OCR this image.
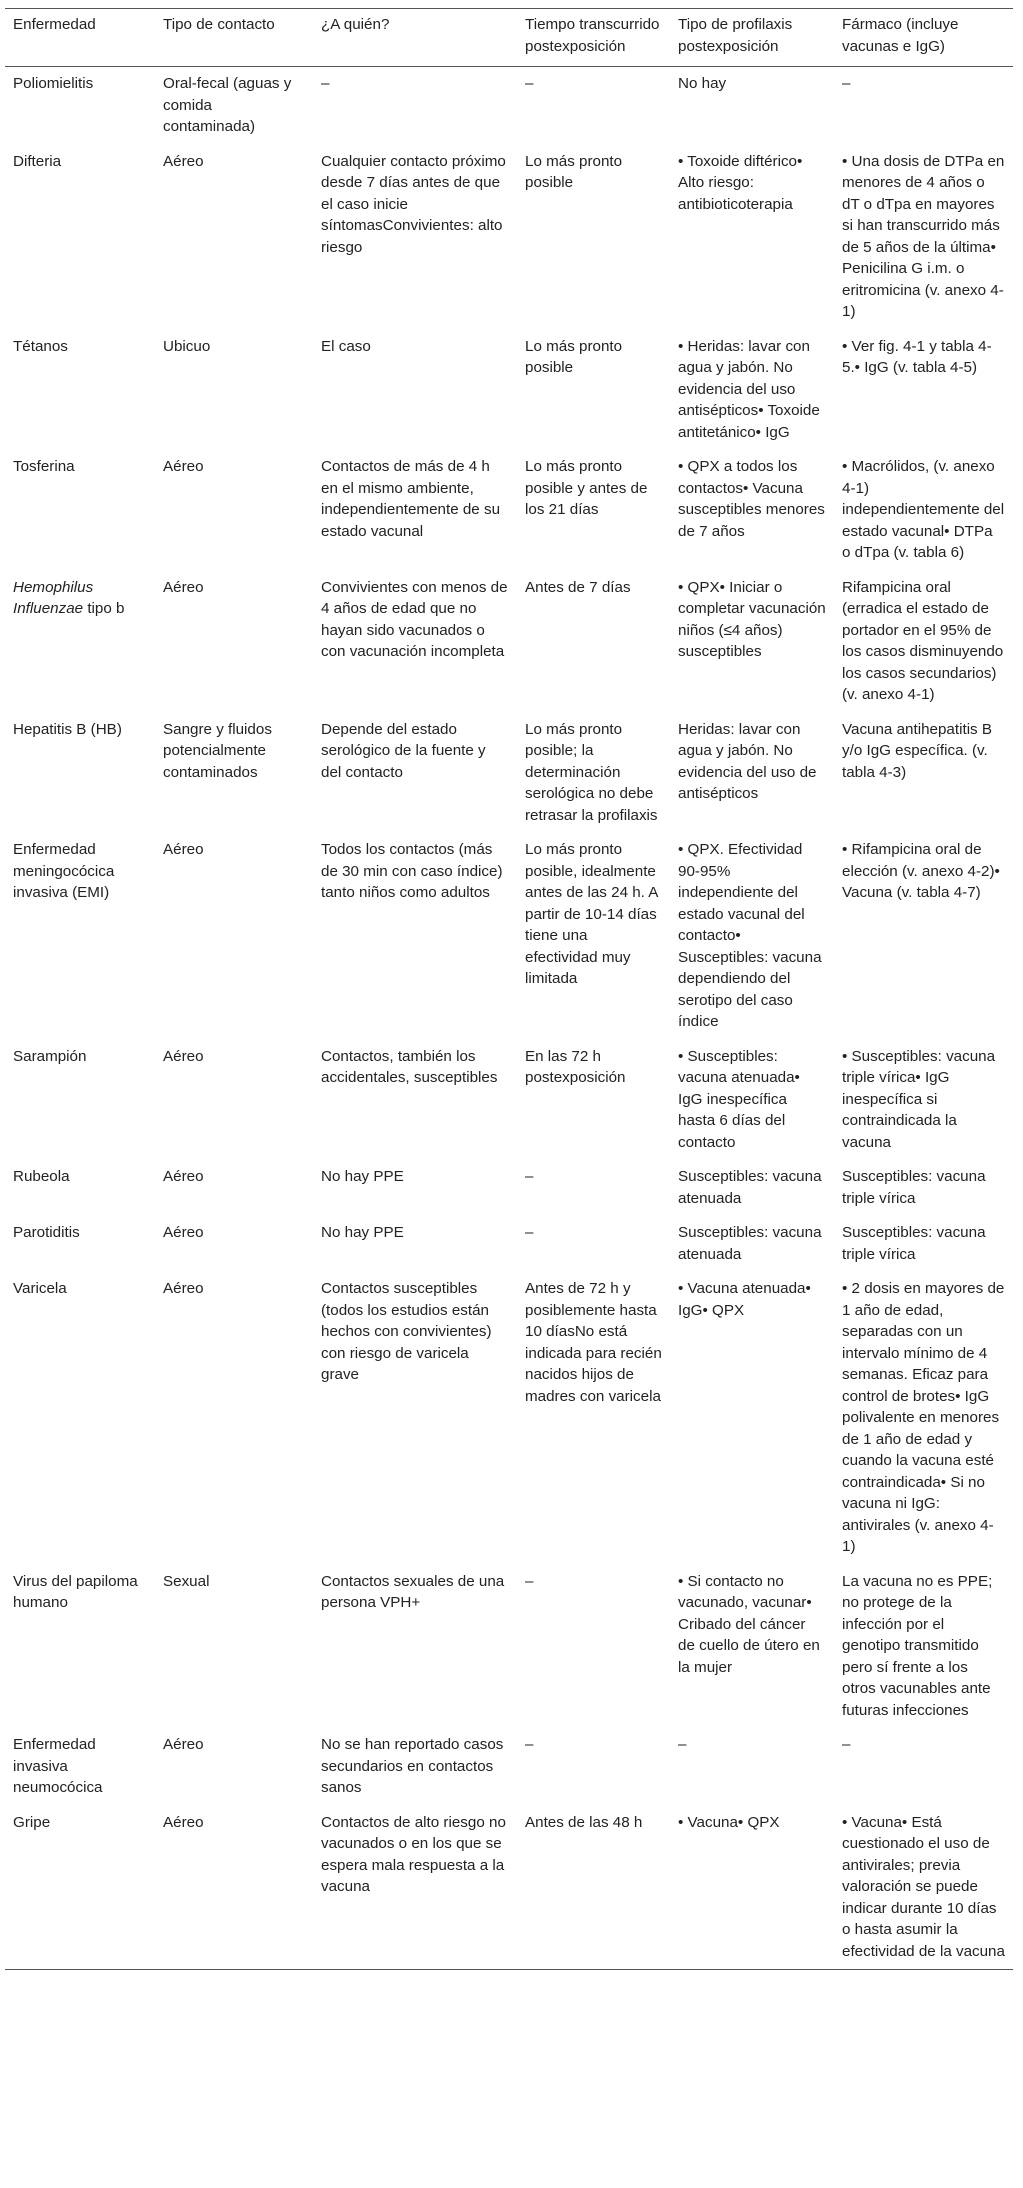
Enfermedad	Tipo de contacto	¿A quién?	Tiempo transcurrido postexposición	Tipo de profilaxis postexposición	Fármaco (incluye vacunas e IgG)
Poliomielitis	Oral-fecal (aguas y comida contaminada)	–	–	No hay	–
Difteria	Aéreo	Cualquier contacto próximo desde 7 días antes de que el caso inicie síntomasConvivientes: alto riesgo	Lo más pronto posible	• Toxoide diftérico• Alto riesgo: antibioticoterapia	• Una dosis de DTPa en menores de 4 años o dT o dTpa en mayores si han transcurrido más de 5 años de la última• Penicilina G i.m. o eritromicina (v. anexo 4-1)
Tétanos	Ubicuo	El caso	Lo más pronto posible	• Heridas: lavar con agua y jabón. No evidencia del uso antisépticos• Toxoide antitetánico• IgG	• Ver fig. 4-1 y tabla 4-5.• IgG (v. tabla 4-5)
Tosferina	Aéreo	Contactos de más de 4 h en el mismo ambiente, independientemente de su estado vacunal	Lo más pronto posible y antes de los 21 días	• QPX a todos los contactos• Vacuna susceptibles menores de 7 años	• Macrólidos, (v. anexo 4-1) independientemente del estado vacunal• DTPa o dTpa (v. tabla 6)
Hemophilus Influenzae tipo b	Aéreo	Convivientes con menos de 4 años de edad que no hayan sido vacunados o con vacunación incompleta	Antes de 7 días	• QPX• Iniciar o completar vacunación niños (≤4 años) susceptibles	Rifampicina oral (erradica el estado de portador en el 95% de los casos disminuyendo los casos secundarios) (v. anexo 4-1)
Hepatitis B (HB)	Sangre y fluidos potencialmente contaminados	Depende del estado serológico de la fuente y del contacto	Lo más pronto posible; la determinación serológica no debe retrasar la profilaxis	Heridas: lavar con agua y jabón. No evidencia del uso de antisépticos	Vacuna antihepatitis B y/o IgG específica. (v. tabla 4-3)
Enfermedad meningocócica invasiva (EMI)	Aéreo	Todos los contactos (más de 30 min con caso índice) tanto niños como adultos	Lo más pronto posible, idealmente antes de las 24 h. A partir de 10-14 días tiene una efectividad muy limitada	• QPX. Efectividad 90-95% independiente del estado vacunal del contacto• Susceptibles: vacuna dependiendo del serotipo del caso índice	• Rifampicina oral de elección (v. anexo 4-2)• Vacuna (v. tabla 4-7)
Sarampión	Aéreo	Contactos, también los accidentales, susceptibles	En las 72 h postexposición	• Susceptibles: vacuna atenuada• IgG inespecífica hasta 6 días del contacto	• Susceptibles: vacuna triple vírica• IgG inespecífica si contraindicada la vacuna
Rubeola	Aéreo	No hay PPE	–	Susceptibles: vacuna atenuada	Susceptibles: vacuna triple vírica
Parotiditis	Aéreo	No hay PPE	–	Susceptibles: vacuna atenuada	Susceptibles: vacuna triple vírica
Varicela	Aéreo	Contactos susceptibles (todos los estudios están hechos con convivientes) con riesgo de varicela grave	Antes de 72 h y posiblemente hasta 10 díasNo está indicada para recién nacidos hijos de madres con varicela	• Vacuna atenuada• IgG• QPX	• 2 dosis en mayores de 1 año de edad, separadas con un intervalo mínimo de 4 semanas. Eficaz para control de brotes• IgG polivalente en menores de 1 año de edad y cuando la vacuna esté contraindicada• Si no vacuna ni IgG: antivirales (v. anexo 4-1)
Virus del papiloma humano	Sexual	Contactos sexuales de una persona VPH+	–	• Si contacto no vacunado, vacunar• Cribado del cáncer de cuello de útero en la mujer	La vacuna no es PPE; no protege de la infección por el genotipo transmitido pero sí frente a los otros vacunables ante futuras infecciones
Enfermedad invasiva neumocócica	Aéreo	No se han reportado casos secundarios en contactos sanos	–	–	–
Gripe	Aéreo	Contactos de alto riesgo no vacunados o en los que se espera mala respuesta a la vacuna	Antes de las 48 h	• Vacuna• QPX	• Vacuna• Está cuestionado el uso de antivirales; previa valoración se puede indicar durante 10 días o hasta asumir la efectividad de la vacuna
